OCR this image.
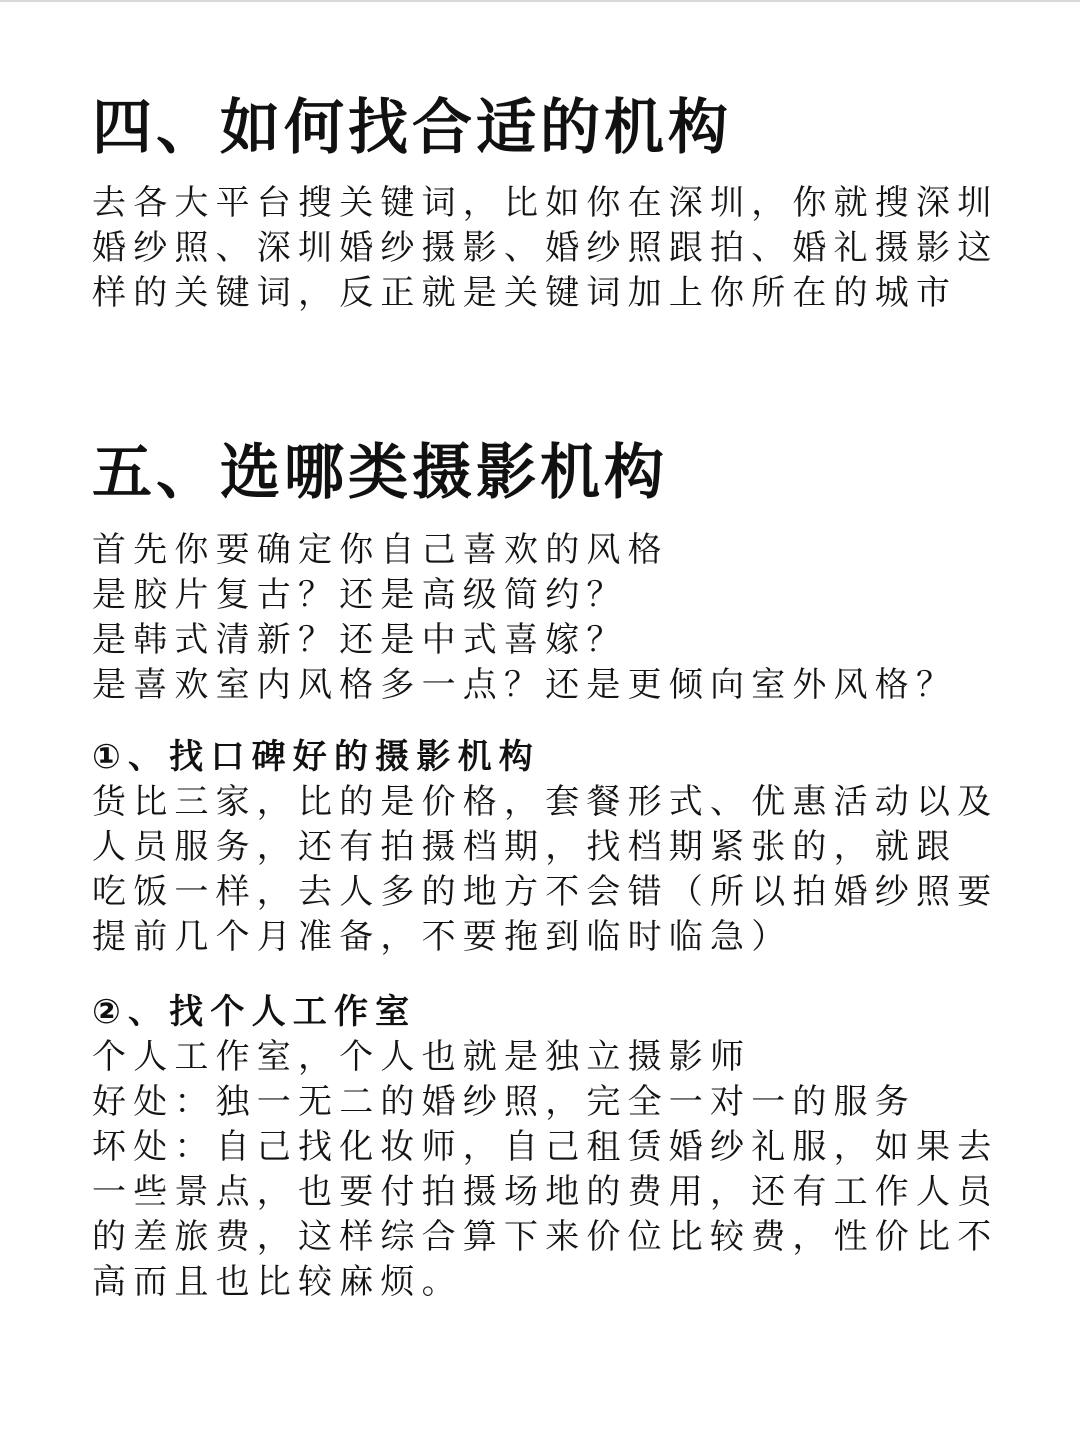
四、如何找合适的机构
去各大平台搜关键词，比如你在深圳，你就搜深圳
婚纱照、深圳婚纱摄影、婚纱照跟拍、婚礼摄影这
样的关键词，反正就是关键词加上你所在的城市
五、选哪类摄影机构
首先你要确定你自己喜欢的风格
是胶片复古？还是高级简约？
是韩式清新？还是中式喜嫁？
是喜欢室内风格多一点？还是更倾向室外风格？
①、找口碑好的摄影机构
货比三家，比的是价格，套餐形式、优惠活动以及
人员服务，还有拍摄档期，找档期紧张的，就跟
吃饭一样，去人多的地方不会错（所以拍婚纱照要
提前几个月准备，不要拖到临时临急）
②、找个人工作室
个人工作室，个人也就是独立摄影师
好处：独一无二的婚纱照，完全一对一的服务
坏处：自己找化妆师，自己租赁婚纱礼服，如果去
一些景点，也要付拍摄场地的费用，还有工作人员
的差旅费，这样综合算下来价位比较费，性价比不
高而且也比较麻烦。
